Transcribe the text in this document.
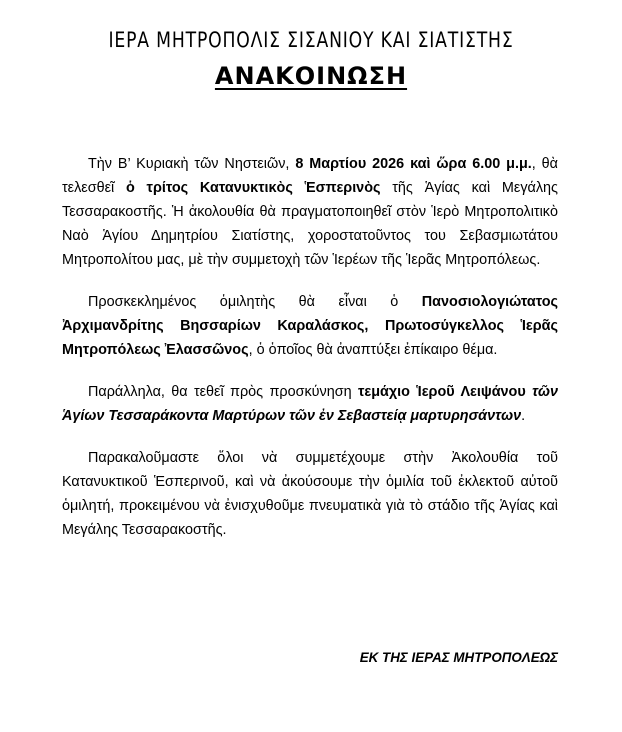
ΙΕΡΑ ΜΗΤΡΟΠΟΛΙΣ ΣΙΣΑΝΙΟΥ ΚΑΙ ΣΙΑΤΙΣΤΗΣ
ΑΝΑΚΟΙΝΩΣΗ

Τὴν Β’ Κυριακὴ τῶν Νηστειῶν, 8 Μαρτίου 2026 καὶ ὥρα 6.00 μ.μ., θὰ τελεσθεῖ ὁ τρίτος Κατανυκτικὸς Ἑσπερινὸς τῆς Ἁγίας καὶ Μεγάλης Τεσσαρακοστῆς. Ἡ ἀκολουθία θὰ πραγματοποιηθεῖ στὸν Ἱερὸ Μητροπολιτικὸ Ναὸ Ἁγίου Δημητρίου Σιατίστης, χοροστατοῦντος του Σεβασμιωτάτου Μητροπολίτου μας, μὲ τὴν συμμετοχὴ τῶν Ἱερέων τῆς Ἱερᾶς Μητροπόλεως.

Προσκεκλημένος ὁμιλητὴς θὰ εἶναι ὁ Πανοσιολογιώτατος Ἀρχιμανδρίτης Βησσαρίων Καραλάσκος, Πρωτοσύγκελλος Ἱερᾶς Μητροπόλεως Ἐλασσῶνος, ὁ ὁποῖος θὰ ἀναπτύξει ἐπίκαιρο θέμα.

Παράλληλα, θα τεθεῖ πρὸς προσκύνηση τεμάχιο Ἱεροῦ Λειψάνου τῶν Ἁγίων Τεσσαράκοντα Μαρτύρων τῶν ἐν Σεβαστείᾳ μαρτυρησάντων.

Παρακαλοῦμαστε ὅλοι νὰ συμμετέχουμε στὴν Ἀκολουθία τοῦ Κατανυκτικοῦ Ἑσπερινοῦ, καὶ νὰ ἀκούσουμε τὴν ὁμιλία τοῦ ἐκλεκτοῦ αὐτοῦ ὁμιλητή, προκειμένου νὰ ἐνισχυθοῦμε πνευματικὰ γιὰ τὸ στάδιο τῆς Ἁγίας καὶ Μεγάλης Τεσσαρακοστῆς.

ΕΚ ΤΗΣ ΙΕΡΑΣ ΜΗΤΡΟΠΟΛΕΩΣ
